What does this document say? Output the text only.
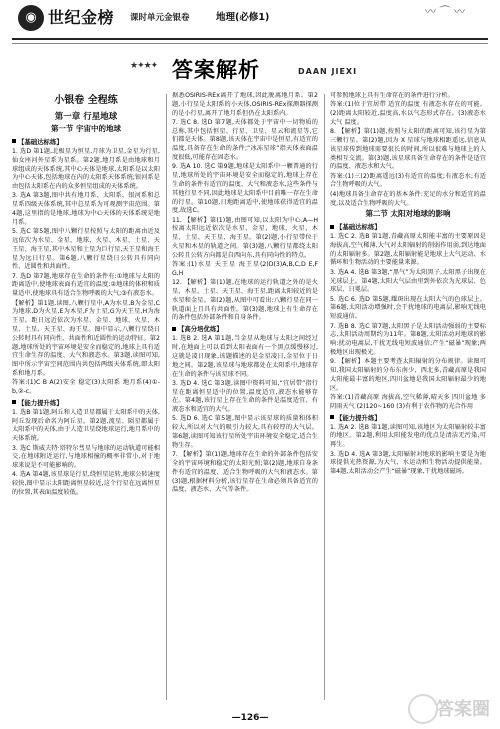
◉ 世纪金榜 课时单元金银卷	地理(必修1)	〰 ⌒ 〰
★✦★✦ 答案解析	DAAN JIEXI
小银卷 全程练
第一章 行星地球
第一节 宇宙中的地球
【基础达标练】

1. 选D 第1题,北极星为恒星,月球为卫星,金星为行星,仙女座河外星系为星系。第2题,地月系是由地球和月球组成的天体系统,其中心天体是地球,太阳系是以太阳为中心天体,包括地球在内的太阳系天体系统;银河系是由包括太阳系在内的众多恒星组成的天体系统。

3. 选A 第3题,图中共有地月系、太阳系、银河系和总星系四级天体系统,其中总星系为可观测宇宙范围。第4题,这里指的是地球,地球为中心天体的天体系统是地月系。

5. 选C 第5题,图中八颗行星按照与太阳的距离由近及远依次为水星、金星、地球、火星、木星、土星、天王星、海王星,其中木星和土星为巨行星,天王星和海王星为远日行星。第6题,八颗行星绕日公转具有同向性、近圆性和共面性。

7. 选D 第7题,地球存在生命的条件有:①地球与太阳的距离适中,使地球表面有适宜的温度;②地球的体积和质量适中,使地球具有适合生物呼吸的大气;③有液态水。

【解析】第1题,读图,八颗行星中,A为水星,B为金星,C为地球,D为火星,E为木星,F为土星,G为天王星,H为海王星。距日远近依次为水星、金星、地球、火星、木星、土星、天王星、海王星。图中显示,八颗行星绕日公转时具有同向性、共面性和近圆性的运动特征。第2题,地球所处的宇宙环境是安全而稳定的,地球上具有适宜生命生存的温度、大气和液态水。第3题,读图可知,图中所示宇宙空间范围内共包括两级天体系统,即太阳系和地月系。

答案:(1)C B A(2)安全 稳定(3)太阳系 地月系(4)①-b,②-c。

【能力提升练】

1. 选B 第1题,阿丘和人造卫星都属于太阳系中的天体,阿丘发现后命名为阿丘星。第2题,流星、陨星都属于太阳系中的天体,由于人造卫星绕地球运行,地月系中的天体系统。

3. 选C 斯威夫特·塔特尔彗星与地球的运动轨道可能相交,在地球附近运行,与地球相撞的概率非常小,对于地球来说是不可能影响的。

4. 选A 第4题,该星球是行星,绕恒星运转,地球公转速度较快,图中显示太阳距离恒星较近,这个行星在远离恒星的位置,其表面温度较低。

据悉OSIRIS-REx离开了地球,因此脱离地月系。第2题,小行星是太阳系的小天体,OSIRIS-REx探测器探测的是小行星,离开了地月系但仍在太阳系内。

7. 选C 8. 选D 第7题,天体都处于宇宙中一切物质的总称,其中包括恒星、行星、卫星、星云和流星等,它们都是天体。第8题,该天体在宇宙中是恒星,有适宜的温度,具备存在生命的条件;“冰冻星球”指天体表面温度很低,可能存在固态水。

9. 选A 10. 选C 第9题,地球是太阳系中一颗普通的行星,地球所处的宇宙环境是安全而稳定的,地球上存在生命的条件有适宜的温度、大气和液态水,这些条件与其他行星不同,因此地球是太阳系中目前唯一存在生命的行星。第10题,日地距离适中,使地球获得适宜的温度,故选C。

11. 【解析】第(1)题,由图可知,以太阳为中心,A—H按离太阳远近依次是水星、金星、地球、火星、木星、土星、天王星、海王星。第(2)题,小行星带位于火星和木星的轨道之间。第(3)题,八颗行星都绕太阳公转且公转方向都是自西向东,具有同向性的特点。

答案:(1)水星 天王星 海王星(2)D(3)A,B,C,D E,F G,H

12. 【解析】第(1)题,在地球的运行轨道之外的是火星、木星、土星、天王星、海王星,距离太阳较近的是水星和金星。第(2)题,从图中可看出:八颗行星在同一轨道面上且具有共面性。第(3)题,地球上有生命存在的条件包括外部条件和自身条件。

【高分培优练】

1. 选B 2. 选A 第1题,当金星从地球与太阳之间经过时,在地面上可以看到太阳表面有一个黑点缓慢移过,这就是凌日现象,该题描述的是金星凌日,金星位于日地之间。第2题,该星球与地球都处在太阳系中,地球存在生命的条件与该星球不同。

3. 选D 4. 选C 第3题,读图中资料可知,“宜居带”指行星在距离恒星适中的位置,温度适宜,液态水能够存在。第4题,该行星上存在生命的条件是温度适宜、有液态水和适宜的大气。

5. 选D 6. 选C 第5题,图中显示该星球的质量和体积较大,所以对大气的吸引力较大,具有较厚的大气层。第6题,读图可知该行星所处宇宙环境安全稳定,适合生物生存。

7. 【解析】第(1)题,地球存在生命的外部条件包括安全的宇宙环境和稳定的太阳光照;第(2)题,地球自身条件有适宜的温度、适合生物呼吸的大气和液态水。第(3)题,根据材料分析,该行星存在生命必须具备适宜的温度、液态水、大气等条件。

可参照地球上具有生命存在的条件进行分析。

答案:(1)位于宜居带 适宜的温度 有液态水存在的可能。(2)距离太阳较近,温度高,水以气态形式存在。(3)液态水 大气 温度。

8. 【解析】第(1)题,按照与太阳的距离可知,该行星为第三颗行星。第(2)题,因为 X 星球与地球相距遥远,信息从该星球传到地球需要很长的时间,所以很难与地球上的人类相互交流。第(3)题,该星球具备生命存在的条件是适宜的温度、液态水和大气。

答案:(1)三(2)距离遥远(3)有适宜的温度;有液态水;有适合生物呼吸的大气。

(4)地球具备生命存在的基本条件:充足的水分和适宜的温度,以及适合生物呼吸的大气。

第二节 太阳对地球的影响
【基础达标练】

1. 选C 2. 选B 第1题,青藏高原太阳能丰富的主要原因是海拔高,空气稀薄,大气对太阳辐射的削弱作用弱,到达地面的太阳辐射多。第2题,太阳辐射能是地球上大气运动、水循环和生物活动的主要能量来源。

3. 选A 4. 选B 第3题,“黑气”为太阳黑子,太阳黑子出现在光球层上。第4题,太阳大气层由里到外依次为光球层、色球层、日冕层。

5. 选C 6. 选D 第5题,耀斑出现在太阳大气的色球层上。第6题,太阳活动增强时,会干扰地球的电离层,影响无线电短波通信。

7. 选B 8. 选C 第7题,太阳黑子是太阳活动强弱的主要标志,太阳活动周期约为11年。第8题,太阳活动对地球的影响:扰动电离层,干扰无线电短波通信;产生“磁暴”现象;两极地区出现极光。

9. 【解析】本题主要考查太阳辐射的分布规律。读图可知,我国太阳辐射的分布东南少、西北多,青藏高原是我国太阳能最丰富的地区,四川盆地是我国太阳辐射最少的地区。

答案:(1)青藏高原 海拔高,空气稀薄,晴天多 四川盆地 多阴雨天气 (2)120~160 (3)有利于农作物的光合作用

【能力提升练】

1. 选A 2. 选B 第1题,读图可知,该地区为太阳辐射较丰富的地区。第2题,利用太阳能发电的优点是清洁无污染,可再生。

3. 选D 4. 选A 第3题,太阳辐射对地球的影响主要是为地球提供光热资源,为大气、水运动和生物活动提供能量。第4题,太阳活动会产生“磁暴”现象,干扰地球磁场。

—126—	答案圈
